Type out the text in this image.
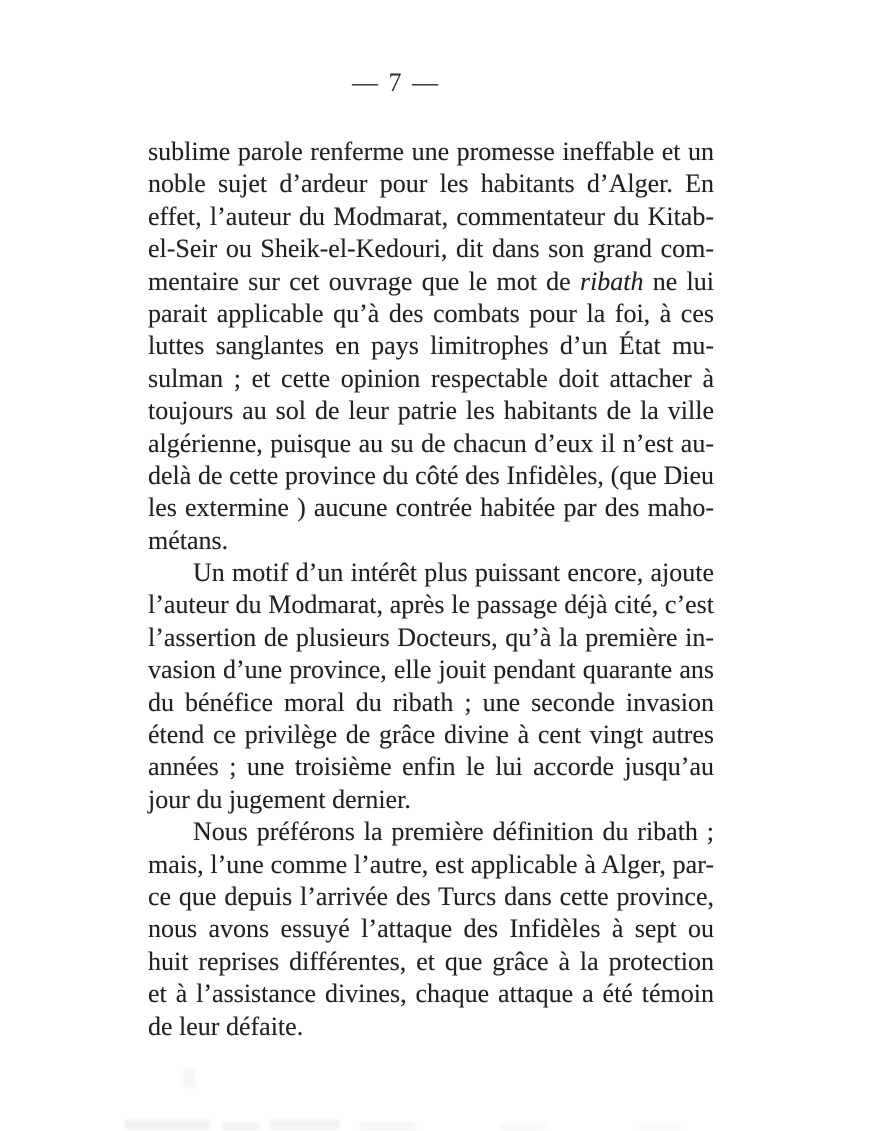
— 7 —
sublime parole renferme une promesse ineffable et un
noble sujet d’ardeur pour les habitants d’Alger. En
effet, l’auteur du Modmarat, commentateur du Kitab-
el-Seir ou Sheik-el-Kedouri, dit dans son grand com-
mentaire sur cet ouvrage que le mot de ribath ne lui
parait applicable qu’à des combats pour la foi, à ces
luttes sanglantes en pays limitrophes d’un État mu-
sulman ; et cette opinion respectable doit attacher à
toujours au sol de leur patrie les habitants de la ville
algérienne, puisque au su de chacun d’eux il n’est au-
delà de cette province du côté des Infidèles, (que Dieu
les extermine ) aucune contrée habitée par des maho-
métans.
Un motif d’un intérêt plus puissant encore, ajoute
l’auteur du Modmarat, après le passage déjà cité, c’est
l’assertion de plusieurs Docteurs, qu’à la première in-
vasion d’une province, elle jouit pendant quarante ans
du bénéfice moral du ribath ; une seconde invasion
étend ce privilège de grâce divine à cent vingt autres
années ; une troisième enfin le lui accorde jusqu’au
jour du jugement dernier.
Nous préférons la première définition du ribath ;
mais, l’une comme l’autre, est applicable à Alger, par-
ce que depuis l’arrivée des Turcs dans cette province,
nous avons essuyé l’attaque des Infidèles à sept ou
huit reprises différentes, et que grâce à la protection
et à l’assistance divines, chaque attaque a été témoin
de leur défaite.
